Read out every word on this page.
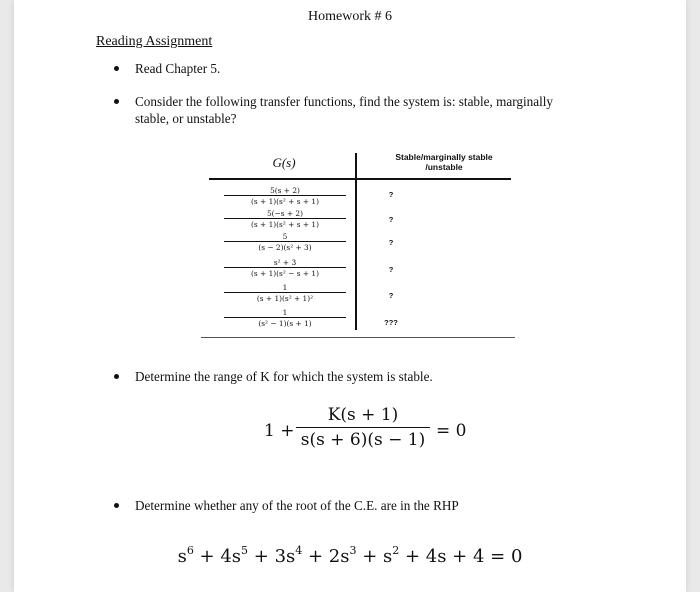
Homework # 6
Reading Assignment
Read Chapter 5.
Consider the following transfer functions, find the system is: stable, marginally stable, or unstable?
G(s)	Stable/marginally stable
/unstable
$\frac{5(s + 2)}{\text{(s + 1)(s² + s + 1)}}$	?
$\frac{5(-s + 2)}{\text{(s + 1)(s² + s + 1)}}$	?
$\frac{5}{\text{(s − 2)(s² + 3)}}$	?
$\frac{\text{s² + 3}}{\text{(s + 1)(s² − s + 1)}}$	?
$\frac{1}{\text{(s + 1)(s² + 1)²}}$	?
$\frac{1}{\text{(s² − 1)(s + 1)}}$	???
Determine the range of K for which the system is stable.
$1 + \frac{K(s + 1)}{s(s + 6)(s - 1)} = 0$
Determine whether any of the root of the C.E. are in the RHP
$s^6 + 4s^5 + 3s^4 + 2s^3 + s^2 + 4s + 4 = 0$
